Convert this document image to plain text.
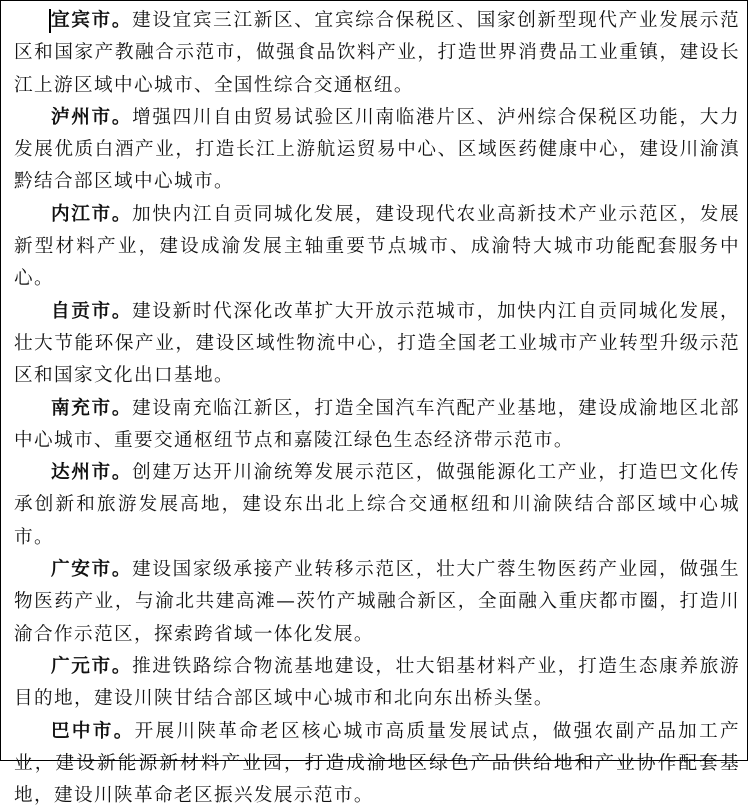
宜宾市。建设宜宾三江新区、宜宾综合保税区、国家创新型现代产业发展示范区和国家产教融合示范市，做强食品饮料产业，打造世界消费品工业重镇，建设长江上游区域中心城市、全国性综合交通枢纽。

泸州市。增强四川自由贸易试验区川南临港片区、泸州综合保税区功能，大力发展优质白酒产业，打造长江上游航运贸易中心、区域医药健康中心，建设川渝滇黔结合部区域中心城市。

内江市。加快内江自贡同城化发展，建设现代农业高新技术产业示范区，发展新型材料产业，建设成渝发展主轴重要节点城市、成渝特大城市功能配套服务中心。

自贡市。建设新时代深化改革扩大开放示范城市，加快内江自贡同城化发展，壮大节能环保产业，建设区域性物流中心，打造全国老工业城市产业转型升级示范区和国家文化出口基地。

南充市。建设南充临江新区，打造全国汽车汽配产业基地，建设成渝地区北部中心城市、重要交通枢纽节点和嘉陵江绿色生态经济带示范市。

达州市。创建万达开川渝统筹发展示范区，做强能源化工产业，打造巴文化传承创新和旅游发展高地，建设东出北上综合交通枢纽和川渝陕结合部区域中心城市。

广安市。建设国家级承接产业转移示范区，壮大广蓉生物医药产业园，做强生物医药产业，与渝北共建高滩—茨竹产城融合新区，全面融入重庆都市圈，打造川渝合作示范区，探索跨省域一体化发展。

广元市。推进铁路综合物流基地建设，壮大铝基材料产业，打造生态康养旅游目的地，建设川陕甘结合部区域中心城市和北向东出桥头堡。

巴中市。开展川陕革命老区核心城市高质量发展试点，做强农副产品加工产业，建设新能源新材料产业园，打造成渝地区绿色产品供给地和产业协作配套基地，建设川陕革命老区振兴发展示范市。
